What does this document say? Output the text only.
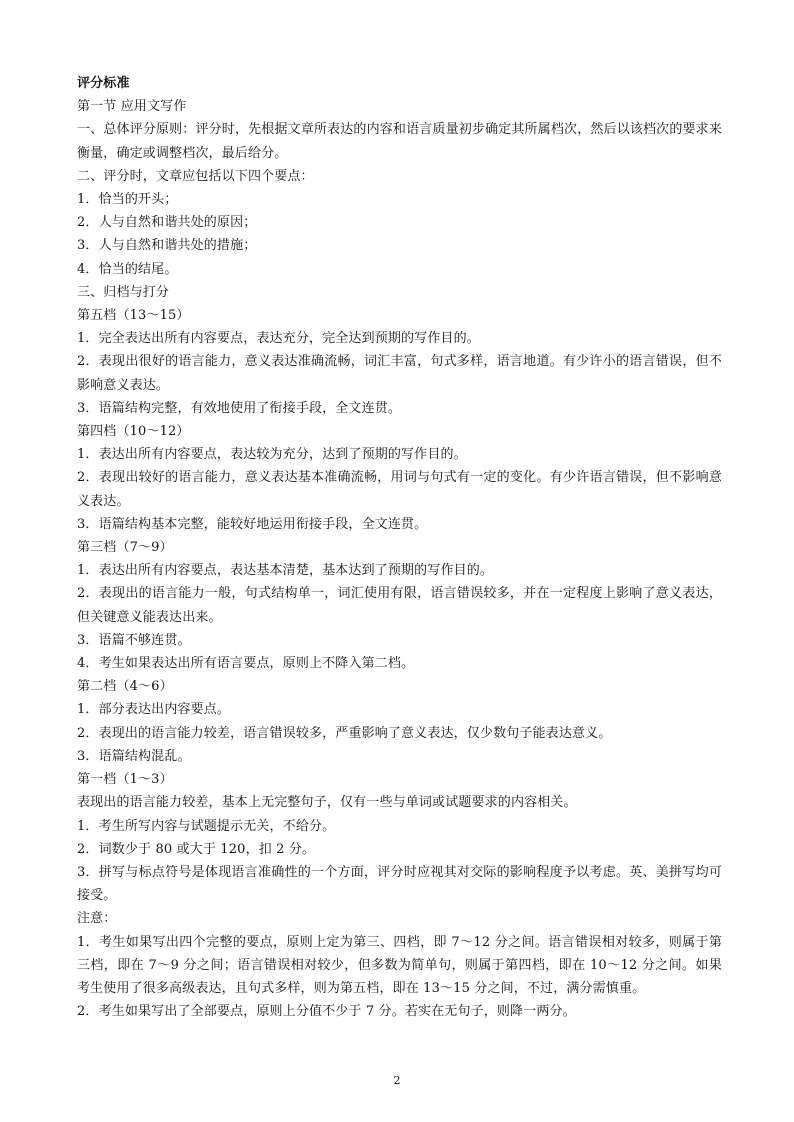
评分标准
第一节 应用文写作
一、总体评分原则：评分时，先根据文章所表达的内容和语言质量初步确定其所属档次，然后以该档次的要求来衡量，确定或调整档次，最后给分。
二、评分时，文章应包括以下四个要点：
1．恰当的开头；
2．人与自然和谐共处的原因；
3．人与自然和谐共处的措施；
4．恰当的结尾。
三、归档与打分
第五档（13～15）
1．完全表达出所有内容要点，表达充分，完全达到预期的写作目的。
2．表现出很好的语言能力，意义表达准确流畅，词汇丰富，句式多样，语言地道。有少许小的语言错误，但不影响意义表达。
3．语篇结构完整，有效地使用了衔接手段，全文连贯。
第四档（10～12）
1．表达出所有内容要点，表达较为充分，达到了预期的写作目的。
2．表现出较好的语言能力，意义表达基本准确流畅，用词与句式有一定的变化。有少许语言错误，但不影响意义表达。
3．语篇结构基本完整，能较好地运用衔接手段，全文连贯。
第三档（7～9）
1．表达出所有内容要点，表达基本清楚，基本达到了预期的写作目的。
2．表现出的语言能力一般，句式结构单一，词汇使用有限，语言错误较多，并在一定程度上影响了意义表达，但关键意义能表达出来。
3．语篇不够连贯。
4．考生如果表达出所有语言要点，原则上不降入第二档。
第二档（4～6）
1．部分表达出内容要点。
2．表现出的语言能力较差，语言错误较多，严重影响了意义表达，仅少数句子能表达意义。
3．语篇结构混乱。
第一档（1～3）
表现出的语言能力较差，基本上无完整句子，仅有一些与单词或试题要求的内容相关。
1．考生所写内容与试题提示无关，不给分。
2．词数少于 80 或大于 120，扣 2 分。
3．拼写与标点符号是体现语言准确性的一个方面，评分时应视其对交际的影响程度予以考虑。英、美拼写均可接受。
注意：
1．考生如果写出四个完整的要点，原则上定为第三、四档，即 7～12 分之间。语言错误相对较多，则属于第三档，即在 7～9 分之间；语言错误相对较少，但多数为简单句，则属于第四档，即在 10～12 分之间。如果考生使用了很多高级表达，且句式多样，则为第五档，即在 13～15 分之间，不过，满分需慎重。
2．考生如果写出了全部要点，原则上分值不少于 7 分。若实在无句子，则降一两分。
2
